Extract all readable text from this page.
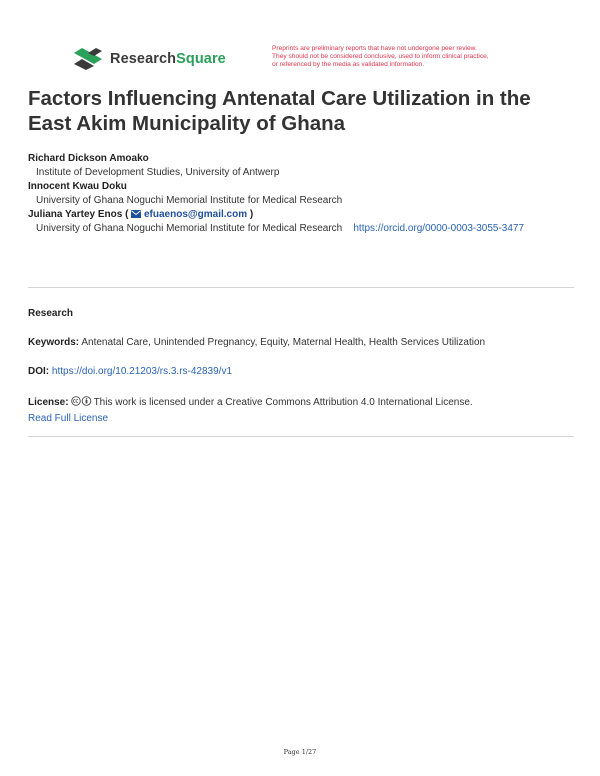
ResearchSquare
Preprints are preliminary reports that have not undergone peer review.
They should not be considered conclusive, used to inform clinical practice,
or referenced by the media as validated information.
Factors Influencing Antenatal Care Utilization in the
East Akim Municipality of Ghana
Richard Dickson Amoako
Institute of Development Studies, University of Antwerp
Innocent Kwau Doku
University of Ghana Noguchi Memorial Institute for Medical Research
Juliana Yartey Enos ( efuaenos@gmail.com )
University of Ghana Noguchi Memorial Institute for Medical Research https://orcid.org/0000-0003-3055-3477
Research
Keywords: Antenatal Care, Unintended Pregnancy, Equity, Maternal Health, Health Services Utilization
DOI: https://doi.org/10.21203/rs.3.rs-42839/v1
License:	This work is licensed under a Creative Commons Attribution 4.0 International License.
Read Full License
Page 1/27
